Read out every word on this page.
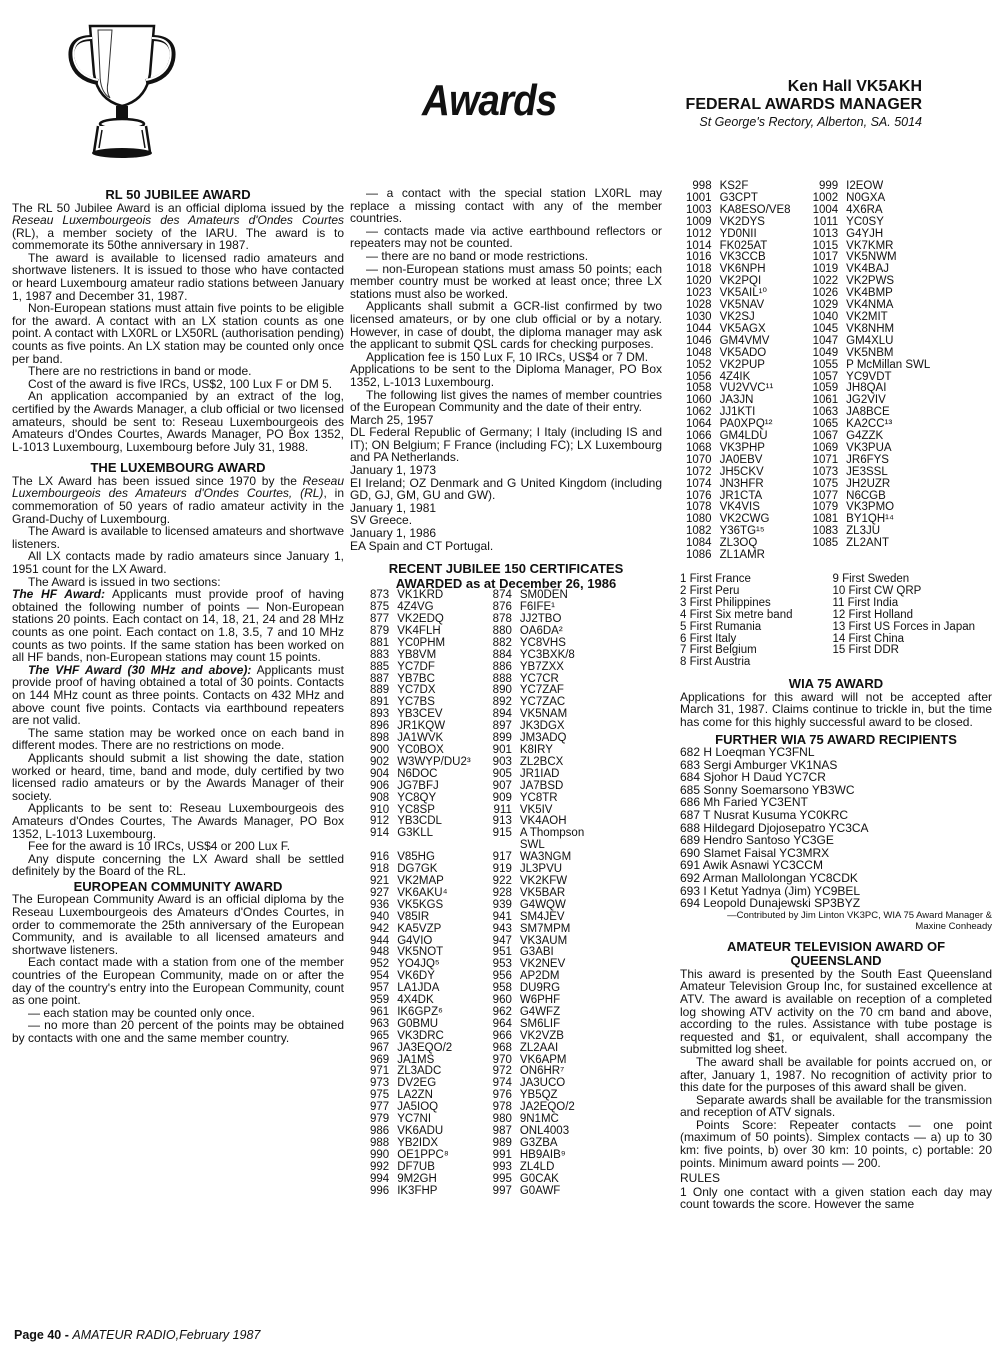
Awards	Ken Hall VK5AKH
FEDERAL AWARDS MANAGER
St George's Rectory, Alberton, SA. 5014
RL 50 JUBILEE AWARD

The RL 50 Jubilee Award is an official diploma issued by the Reseau Luxembourgeois des Amateurs d'Ondes Courtes (RL), a member society of the IARU. The award is to commemorate its 50the anniversary in 1987.

The award is available to licensed radio amateurs and shortwave listeners. It is issued to those who have contacted or heard Luxembourg amateur radio stations between January 1, 1987 and December 31, 1987.

Non-European stations must attain five points to be eligible for the award. A contact with an LX station counts as one point. A contact with LX0RL or LX50RL (authorisation pending) counts as five points. An LX station may be counted only once per band.

There are no restrictions in band or mode.

Cost of the award is five IRCs, US$2, 100 Lux F or DM 5.

An application accompanied by an extract of the log, certified by the Awards Manager, a club official or two licensed amateurs, should be sent to: Reseau Luxembourgeois des Amateurs d'Ondes Courtes, Awards Manager, PO Box 1352, L-1013 Luxembourg, Luxembourg before July 31, 1988.

THE LUXEMBOURG AWARD

The LX Award has been issued since 1970 by the Reseau Luxembourgeois des Amateurs d'Ondes Courtes, (RL), in commemoration of 50 years of radio amateur activity in the Grand-Duchy of Luxembourg.

The Award is available to licensed amateurs and shortwave listeners.

All LX contacts made by radio amateurs since January 1, 1951 count for the LX Award.

The Award is issued in two sections:

The HF Award: Applicants must provide proof of having obtained the following number of points — Non-European stations 20 points. Each contact on 14, 18, 21, 24 and 28 MHz counts as one point. Each contact on 1.8, 3.5, 7 and 10 MHz counts as two points. If the same station has been worked on all HF bands, non-European stations may count 15 points.

The VHF Award (30 MHz and above): Applicants must provide proof of having obtained a total of 30 points. Contacts on 144 MHz count as three points. Contacts on 432 MHz and above count five points. Contacts via earthbound repeaters are not valid.

The same station may be worked once on each band in different modes. There are no restrictions on mode.

Applicants should submit a list showing the date, station worked or heard, time, band and mode, duly certified by two licensed radio amateurs or by the Awards Manager of their society.

Applicants to be sent to: Reseau Luxembourgeois des Amateurs d'Ondes Courtes, The Awards Manager, PO Box 1352, L-1013 Luxembourg.

Fee for the award is 10 IRCs, US$4 or 200 Lux F.

Any dispute concerning the LX Award shall be settled definitely by the Board of the RL.

EUROPEAN COMMUNITY AWARD

The European Community Award is an official diploma by the Reseau Luxembourgeois des Amateurs d'Ondes Courtes, in order to commemorate the 25th anniversary of the European Community, and is available to all licensed amateurs and shortwave listeners.

Each contact made with a station from one of the member countries of the European Community, made on or after the day of the country's entry into the European Community, count as one point.

— each station may be counted only once.

— no more than 20 percent of the points may be obtained by contacts with one and the same member country.

— a contact with the special station LX0RL may replace a missing contact with any of the member countries.

— contacts made via active earthbound reflectors or repeaters may not be counted.

— there are no band or mode restrictions.

— non-European stations must amass 50 points; each member country must be worked at least once; three LX stations must also be worked.

Applicants shall submit a GCR-list confirmed by two licensed amateurs, or by one club official or by a notary. However, in case of doubt, the diploma manager may ask the applicant to submit QSL cards for checking purposes.

Application fee is 150 Lux F, 10 IRCs, US$4 or 7 DM.

Applications to be sent to the Diploma Manager, PO Box 1352, L-1013 Luxembourg.

The following list gives the names of member countries of the European Community and the date of their entry.

March 25, 1957

DL Federal Republic of Germany; I Italy (including IS and IT); ON Belgium; F France (including FC); LX Luxembourg and PA Netherlands.

January 1, 1973

EI Ireland; OZ Denmark and G United Kingdom (including GD, GJ, GM, GU and GW).

January 1, 1981

SV Greece.

January 1, 1986

EA Spain and CT Portugal.

RECENT JUBILEE 150 CERTIFICATES
AWARDED as at December 26, 1986
873	VK1KRD		874	SM0DEN
875	4Z4VG		876	F6IFE¹
877	VK2EDQ		878	JJ2TBO
879	VK4FLH		880	OA6DA²
881	YC0PHM		882	YC8VHS
883	YB8VM		884	YC3BXK/8
885	YC7DF		886	YB7ZXX
887	YB7BC		888	YC7CR
889	YC7DX		890	YC7ZAF
891	YC7BS		892	YC7ZAC
893	YB3CEV		894	VK5NAM
896	JR1KQW		897	JK3DGX
898	JA1WVK		899	JM3ADQ
900	YC0BOX		901	K8IRY
902	W3WYP/DU2³		903	ZL2BCX
904	N6DOC		905	JR1IAD
906	JG7BFJ		907	JA7BSD
908	YC8QY		909	YC8TR
910	YC8SP		911	VK5IV
912	YB3CDL		913	VK4AOH
914	G3KLL		915	A Thompson
				SWL
916	V85HG		917	WA3NGM
918	DG7GK		919	JL3PVU
921	VK2MAP		922	VK2KFW
927	VK6AKU⁴		928	VK5BAR
936	VK5KGS		939	G4WQW
940	V85IR		941	SM4JEV
942	KA5VZP		943	SM7MPM
944	G4VIO		947	VK3AUM
948	VK5NOT		951	G3ABI
952	YO4JQ⁵		953	VK2NEV
954	VK6DY		956	AP2DM
957	LA1JDA		958	DU9RG
959	4X4DK		960	W6PHF
961	IK6GPZ⁶		962	G4WFZ
963	G0BMU		964	SM6LIF
965	VK3DRC		966	VK2VZB
967	JA3EQO/2		968	ZL2AAI
969	JA1MS		970	VK6APM
971	ZL3ADC		972	ON6HR⁷
973	DV2EG		974	JA3UCO
975	LA2ZN		976	YB5QZ
977	JA5IOQ		978	JA2EQO/2
979	YC7NI		980	9N1MC
986	VK6ADU		987	ONL4003
988	YB2IDX		989	G3ZBA
990	OE1PPC⁸		991	HB9AIB⁹
992	DF7UB		993	ZL4LD
994	9M2GH		995	G0CAK
996	IK3FHP		997	G0AWF
998	KS2F		999	I2EOW
1001	G3CPT		1002	N0GXA
1003	KA8ESO/VE8		1004	4X6RA
1009	VK2DYS		1011	YC0SY
1012	YD0NII		1013	G4YJH
1014	FK025AT		1015	VK7KMR
1016	VK3CCB		1017	VK5NWM
1018	VK6NPH		1019	VK4BAJ
1020	VK2PQI		1022	VK2PWS
1023	VK5AIL¹⁰		1026	VK4BMP
1028	VK5NAV		1029	VK4NMA
1030	VK2SJ		1040	VK2MIT
1044	VK5AGX		1045	VK8NHM
1046	GM4VMV		1047	GM4XLU
1048	VK5ADO		1049	VK5NBM
1052	VK2PUP		1055	P McMillan SWL
1056	4Z4IK		1057	YC9VDT
1058	VU2VVC¹¹		1059	JH8QAI
1060	JA3JN		1061	JG2VIV
1062	JJ1KTI		1063	JA8BCE
1064	PA0XPQ¹²		1065	KA2CC¹³
1066	GM4LDU		1067	G4ZZK
1068	VK3PHP		1069	VK3PUA
1070	JA0EBV		1071	JR6FYS
1072	JH5CKV		1073	JE3SSL
1074	JN3HFR		1075	JH2UZR
1076	JR1CTA		1077	N6CGB
1078	VK4VIS		1079	VK3PMO
1080	VK2CWG		1081	BY1QH¹⁴
1082	Y36TG¹⁵		1083	ZL3JU
1084	ZL3OQ		1085	ZL2ANT
1086	ZL1AMR			
1 First France	9 First Sweden
2 First Peru	10 First CW QRP
3 First Philippines	11 First India
4 First Six metre band	12 First Holland
5 First Rumania	13 First US Forces in Japan
6 First Italy	14 First China
7 First Belgium	15 First DDR
8 First Austria	
WIA 75 AWARD

Applications for this award will not be accepted after March 31, 1987. Claims continue to trickle in, but the time has come for this highly successful award to be closed.

FURTHER WIA 75 AWARD RECIPIENTS

682 H Loeqman YC3FNL

683 Sergi Amburger VK1NAS

684 Sjohor H Daud YC7CR

685 Sonny Soemarsono YB3WC

686 Mh Faried YC3ENT

687 T Nusrat Kusuma YC0KRC

688 Hildegard Djojosepatro YC3CA

689 Hendro Santoso YC3GE

690 Slamet Faisal YC3MRX

691 Awik Asnawi YC3CCM

692 Arman Mallolongan YC8CDK

693 I Ketut Yadnya (Jim) YC9BEL

694 Leopold Dunajewski SP3BYZ

—Contributed by Jim Linton VK3PC, WIA 75 Award Manager &
Maxine Conheady
AMATEUR TELEVISION AWARD OF
QUEENSLAND

This award is presented by the South East Queensland Amateur Television Group Inc, for sustained excellence at ATV. The award is available on reception of a completed log showing ATV activity on the 70 cm band and above, according to the rules. Assistance with tube postage is requested and $1, or equivalent, shall accompany the submitted log sheet.

The award shall be available for points accrued on, or after, January 1, 1987. No recognition of activity prior to this date for the purposes of this award shall be given.

Separate awards shall be available for the transmission and reception of ATV signals.

Points Score: Repeater contacts — one point (maximum of 50 points). Simplex contacts — a) up to 30 km: five points, b) over 30 km: 10 points, c) portable: 20 points. Minimum award points — 200.

RULES

1 Only one contact with a given station each day may count towards the score. However the same

Page 40 - AMATEUR RADIO,February 1987
